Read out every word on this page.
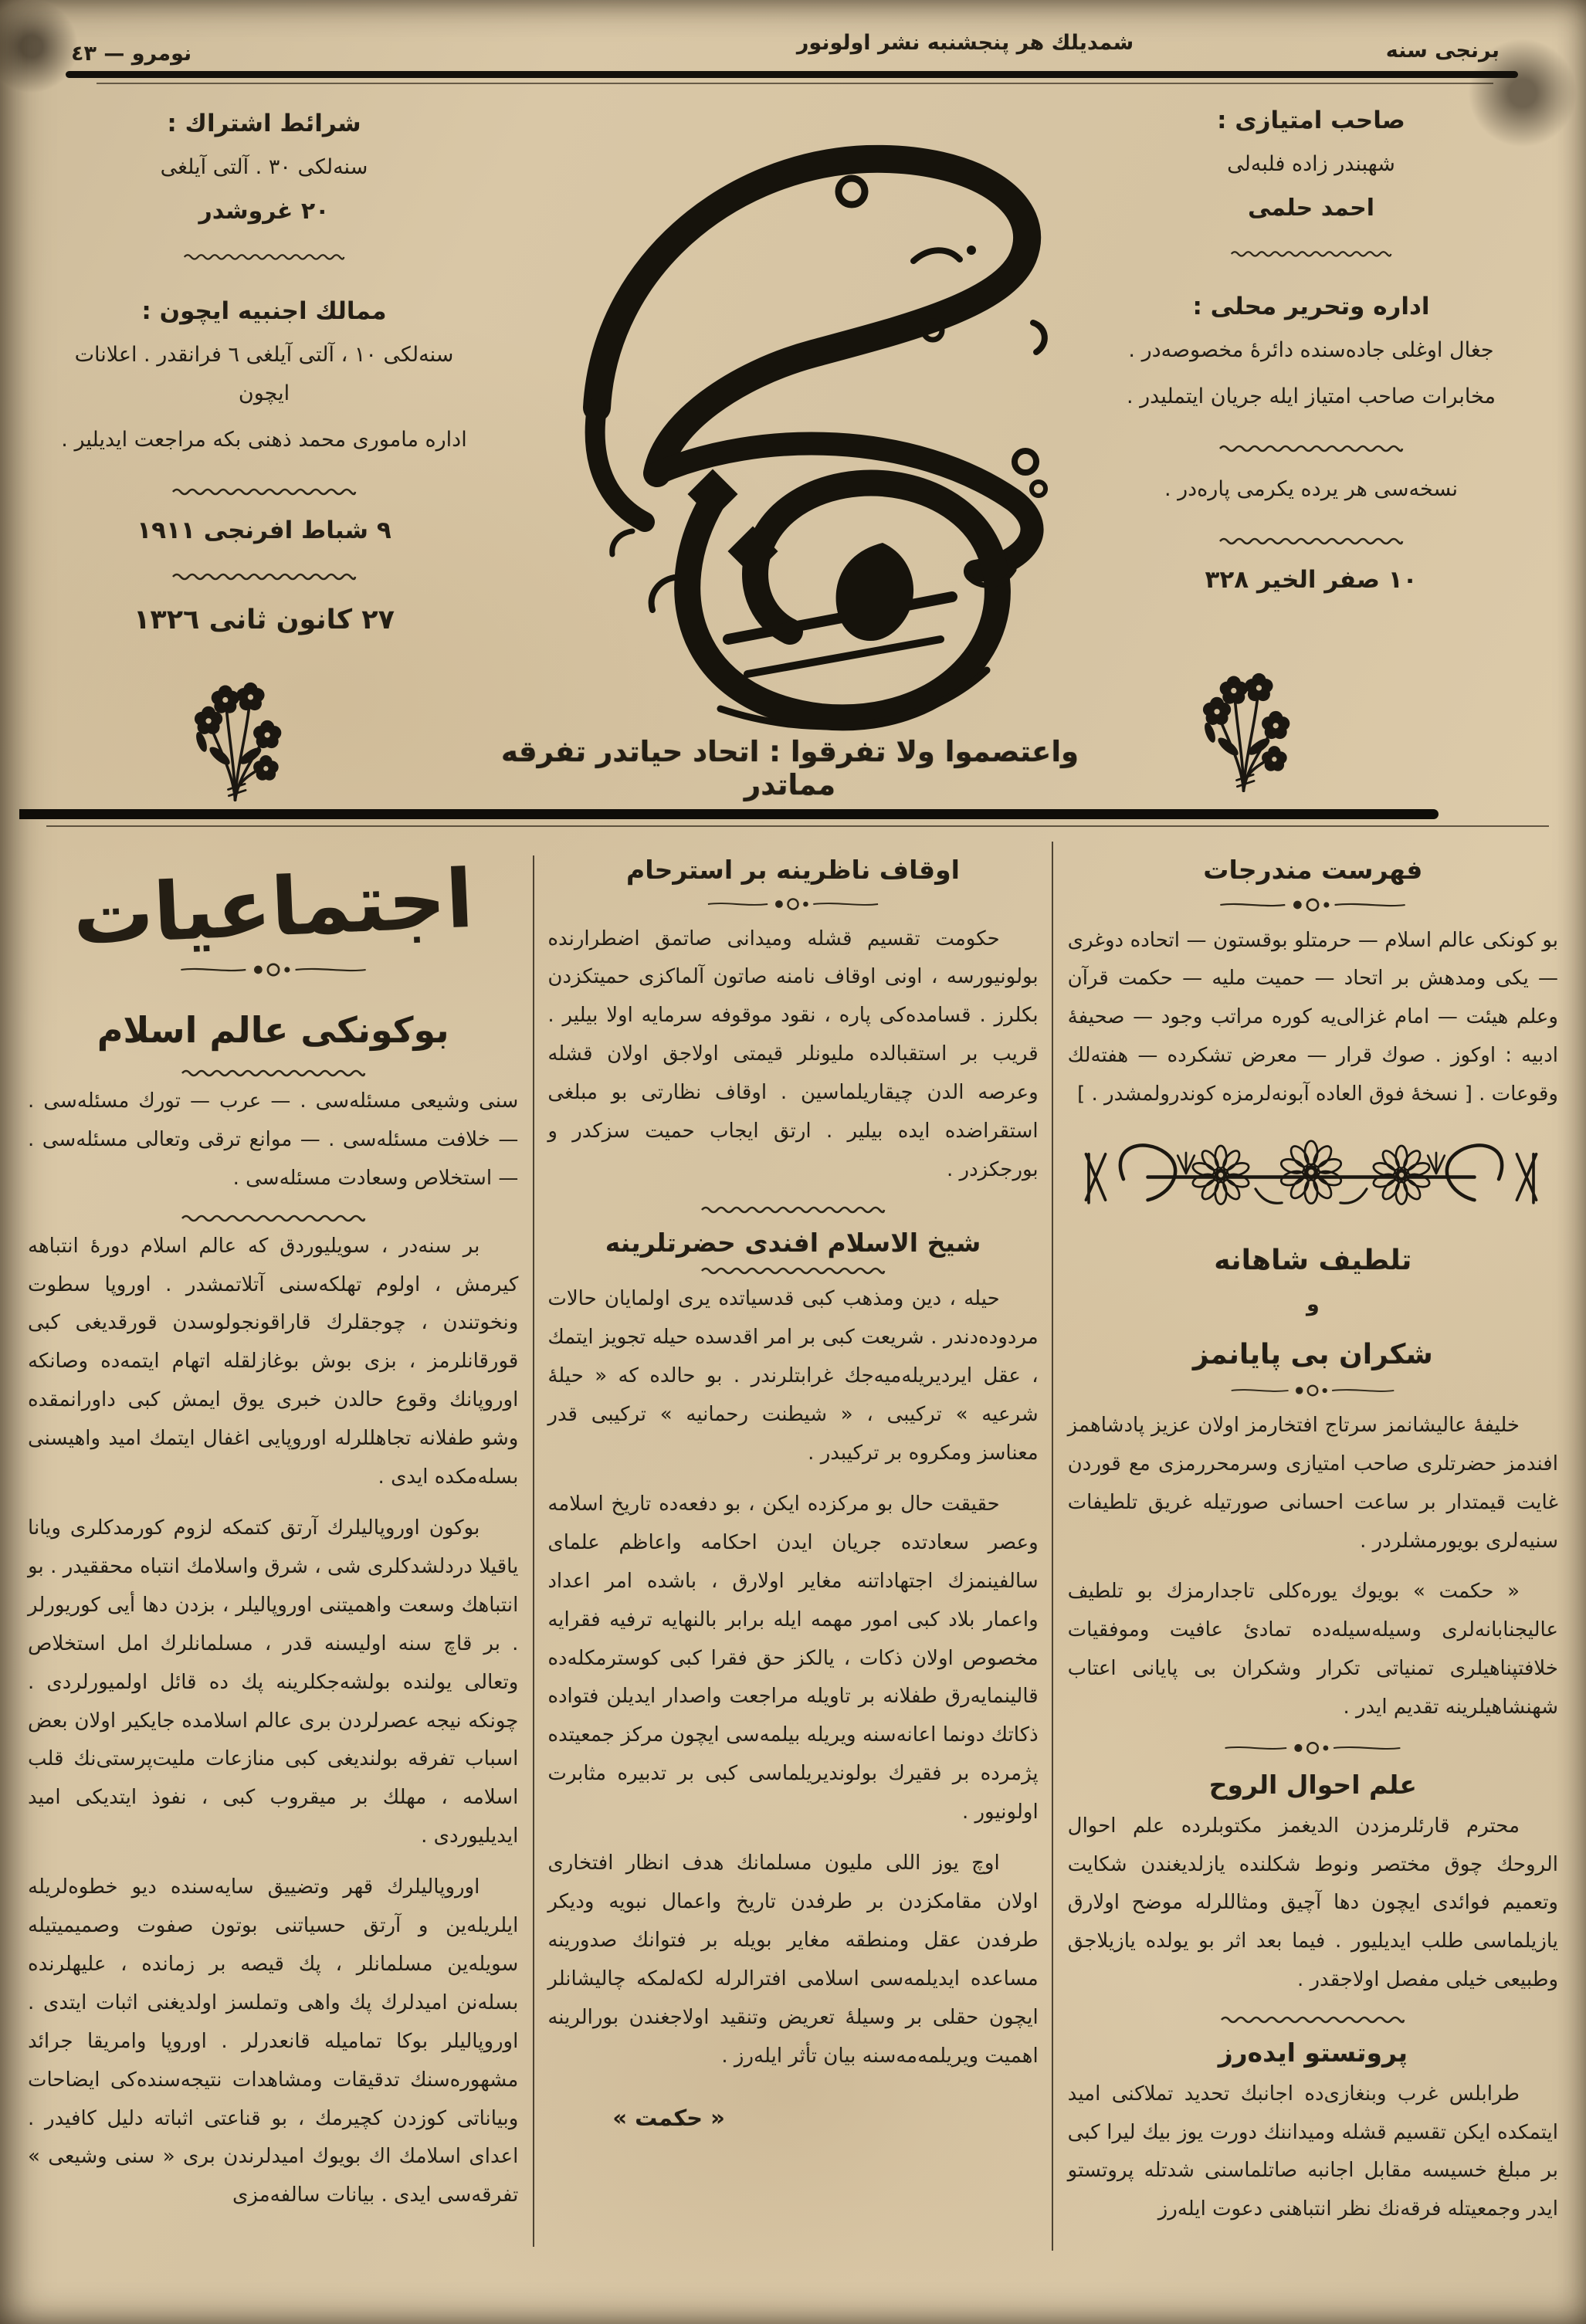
برنجى سنه
شمديلك هر پنجشنبه نشر اولونور
نومرو — ٤٣
شرائط اشتراك :
سنه‌لكى ٣٠ . آلتى آيلغى
٢٠ غروشدر
ممالك اجنبيه ايچون :
سنه‌لكى ١٠ ، آلتى آيلغى ٦ فرانقدر . اعلانات ايچون
اداره مامورى محمد ذهنى بكه مراجعت ايديلير .
٩ شباط افرنجى ١٩١١
٢٧ كانون ثانى ١٣٢٦
صاحب امتيازى :
شهبندر زاده فلبه‌لى
احمد حلمى
اداره وتحرير محلى :
جغال اوغلى جاده‌سنده دائرهٔ مخصوصه‌در .
مخابرات صاحب امتياز ايله جريان ايتمليدر .
نسخه‌سى هر يرده يكرمى پاره‌در .
١٠ صفر الخير ٣٢٨
واعتصموا ولا تفرقوا : اتحاد حياتدر تفرقه مماتدر
فهرست مندرجات

بو كونكى عالم اسلام — حرمتلو بوقستون — اتحاده دوغرى — يكى ومدهش بر اتحاد — حميت مليه — حكمت قرآن وعلم هيئت — امام غزالى‌يه كوره مراتب وجود — صحيفهٔ ادبيه : اوكوز . صوك قرار — معرض تشكرده — هفته‌لك وقوعات . [ نسخهٔ فوق العاده آبونه‌لرمزه كوندرولمشدر . ]

تلطيف شاهانه
و
شكران بى پايانمز

خليفهٔ عاليشانمز سرتاج افتخارمز اولان عزيز پادشاهمز افندمز حضرتلرى صاحب امتيازى وسرمحررمزى مع قوردن غايت قيمتدار بر ساعت احسانى صورتيله غريق تلطيفات سنيه‌لرى بويورمشلردر .

« حكمت » بويوك يوره‌كلى تاجدارمزك بو تلطيف عاليجنابانه‌لرى وسيله‌سيله‌ده تمادئ عافيت وموفقيات خلافتپناهيلرى تمنياتى تكرار وشكران بى پايانى اعتاب شهنشاهيلرينه تقديم ايدر .

علم احوال الروح

محترم قارئلرمزدن الديغمز مكتوبلرده علم احوال الروحك چوق مختصر ونوط شكلنده يازلديغندن شكايت وتعميم فوائدى ايچون دها آچيق ومثاللرله موضح اولارق يازيلماسى طلب ايديليور . فيما بعد اثر بو يولده يازيلاجق وطبيعى خيلى مفصل اولاجقدر .

پروتستو ايده‌رز

طرابلس غرب وبنغازى‌ده اجانبك تحديد تملاكنى اميد ايتمكده ايكن تقسيم قشله وميداننك دورت يوز بيك ليرا كبى بر مبلغ خسيسه مقابل اجانبه صاتلماسنى شدتله پروتستو ايدر وجمعيتله فرقه‌نك نظر انتباهنى دعوت ايله‌رز

اوقاف ناظرينه بر استرحام

حكومت تقسيم قشله وميدانى صاتمق اضطرارنده بولونيورسه ، اونى اوقاف نامنه صاتون آلماكزى حميتكزدن بكلرز . قسامده‌كى پاره ، نقود موقوفه سرمايه اولا بيلير . قريب بر استقبالده مليونلر قيمتى اولاجق اولان قشله وعرصه الدن چيقاريلماسين . اوقاف نظارتى بو مبلغى استقراضده ايده بيلير . ارتق ايجاب حميت سزكدر و بورجكزدر .

شيخ الاسلام افندى حضرتلرينه

حيله ، دين ومذهب كبى قدسياتده يرى اولمايان حالات مردوده‌دندر . شريعت كبى بر امر اقدسده حيله تجويز ايتمك ، عقل ايرديريله‌ميه‌جك غرابتلرندر . بو حالده كه « حيلهٔ شرعيه » تركيبى ، « شيطنت رحمانيه » تركيبى قدر معناسز ومكروه بر تركيبدر .

حقيقت حال بو مركزده ايكن ، بو دفعه‌ده تاريخ اسلامه وعصر سعادتده جريان ايدن احكامه واعاظم علماى سالفينمزك اجتهاداتنه مغاير اولارق ، باشده امر اعداد واعمار بلاد كبى امور مهمه ايله برابر بالنهايه ترفيه فقرايه مخصوص اولان ذكات ، يالكز حق فقرا كبى كوسترمكله‌ده قالينمايه‌رق طفلانه بر تاويله مراجعت واصدار ايديلن فتواده ذكاتك دونما اعانه‌سنه ويريله بيلمه‌سى ايچون مركز جمعيتده پژمرده بر فقيرك بولونديريلماسى كبى بر تدبيره مثابرت اولونيور .

اوچ يوز اللى مليون مسلمانك هدف انظار افتخارى اولان مقامكزدن بر طرفدن تاريخ واعمال نبويه وديكر طرفدن عقل ومنطقه مغاير بويله بر فتوانك صدورينه مساعده ايديلمه‌سى اسلامى افترالرله لكه‌لمكه چاليشانلر ايچون حقلى بر وسيلهٔ تعريض وتنقيد اولاجغندن بورالرينه اهميت ويريلمه‌مه‌سنه بيان تأثر ايله‌رز .

« حكمت »
اجتماعيات
بوكونكى عالم اسلام

سنى وشيعى مسئله‌سى . — عرب — تورك مسئله‌سى . — خلافت مسئله‌سى . — موانع ترقى وتعالى مسئله‌سى . — استخلاص وسعادت مسئله‌سى .

بر سنه‌در ، سويليوردق كه عالم اسلام دورهٔ انتباهه كيرمش ، اولوم تهلكه‌سنى آتلاتمشدر . اوروپا سطوت ونخوتندن ، چوجقلرك قاراقونجولوسدن قورقديغى كبى قورقانلرمز ، بزى بوش بوغازلقله اتهام ايتمه‌ده وصانكه اوروپانك وقوع حالدن خبرى يوق ايمش كبى داورانمقده وشو طفلانه تجاهللرله اوروپايى اغفال ايتمك اميد واهيسنى بسله‌مكده ايدى .

بوكون اوروپاليلرك آرتق كتمكه لزوم كورمدكلرى ويانا ياقيلا دردلشدكلرى شى ، شرق واسلامك انتباه محققيدر . بو انتباهك وسعت واهميتنى اوروپاليلر ، بزدن دها أيى كوريورلر . بر قاچ سنه اوليسنه قدر ، مسلمانلرك امل استخلاص وتعالى يولنده بولشه‌جكلرينه پك ده قائل اولميورلردى . چونكه نيجه عصرلردن برى عالم اسلامده جايكير اولان بعض اسباب تفرقه بولنديغى كبى منازعات مليت‌پرستى‌نك قلب اسلامه ، مهلك بر ميقروب كبى ، نفوذ ايتديكى اميد ايديليوردى .

اوروپاليلرك قهر وتضييق سايه‌سنده ديو خطوه‌لريله ايلريله‌ين و آرتق حسياتنى بوتون صفوت وصميميتيله سويله‌ين مسلمانلر ، پك قيصه بر زمانده ، عليهلرنده بسله‌نن اميدلرك پك واهى وتملسز اولديغنى اثبات ايتدى . اوروپاليلر بوكا تماميله قانعدرلر . اوروپا وامريقا جرائد مشهوره‌سنك تدقيقات ومشاهدات نتيجه‌سنده‌كى ايضاحات وبياناتى كوزدن كچيرمك ، بو قناعتى اثباته دليل كافيدر . اعداى اسلامك اك بويوك اميدلرندن برى « سنى وشيعى » تفرقه‌سى ايدى . بيانات سالفه‌مزى
